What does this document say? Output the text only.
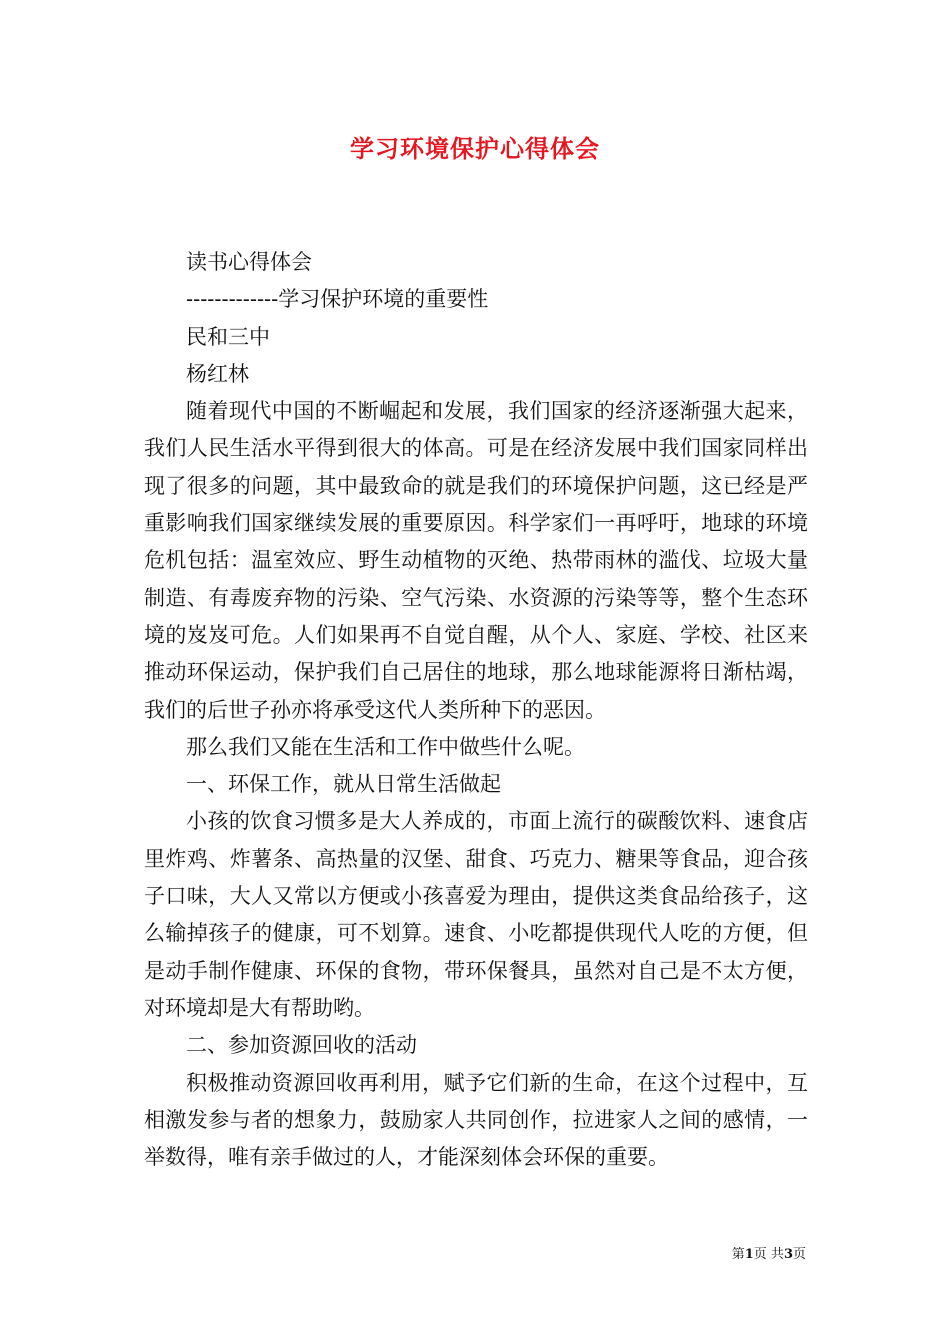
学习环境保护心得体会

读书心得体会

-------------学习保护环境的重要性

民和三中

杨红林

随着现代中国的不断崛起和发展，我们国家的经济逐渐强大起来，我们人民生活水平得到很大的体高。可是在经济发展中我们国家同样出现了很多的问题，其中最致命的就是我们的环境保护问题，这已经是严重影响我们国家继续发展的重要原因。科学家们一再呼吁，地球的环境危机包括：温室效应、野生动植物的灭绝、热带雨林的滥伐、垃圾大量制造、有毒废弃物的污染、空气污染、水资源的污染等等，整个生态环境的岌岌可危。人们如果再不自觉自醒，从个人、家庭、学校、社区来推动环保运动，保护我们自己居住的地球，那么地球能源将日渐枯竭，我们的后世子孙亦将承受这代人类所种下的恶因。

那么我们又能在生活和工作中做些什么呢。

一、环保工作，就从日常生活做起

小孩的饮食习惯多是大人养成的，市面上流行的碳酸饮料、速食店里炸鸡、炸薯条、高热量的汉堡、甜食、巧克力、糖果等食品，迎合孩子口味，大人又常以方便或小孩喜爱为理由，提供这类食品给孩子，这么输掉孩子的健康，可不划算。速食、小吃都提供现代人吃的方便，但是动手制作健康、环保的食物，带环保餐具，虽然对自己是不太方便，对环境却是大有帮助哟。

二、参加资源回收的活动

积极推动资源回收再利用，赋予它们新的生命，在这个过程中，互相激发参与者的想象力，鼓励家人共同创作，拉进家人之间的感情，一举数得，唯有亲手做过的人，才能深刻体会环保的重要。

第1页 共3页
